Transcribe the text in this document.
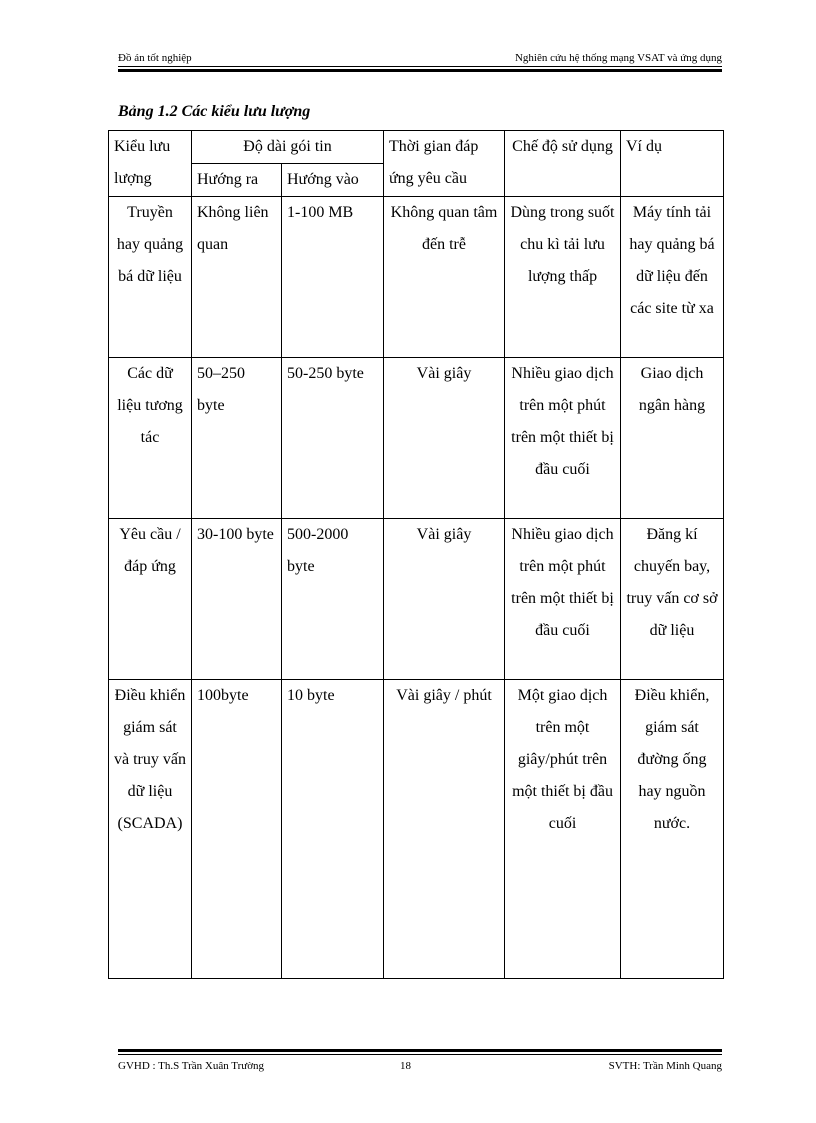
Đồ án tốt nghiệp	Nghiên cứu hệ thống mạng VSAT và ứng dụng
Bảng 1.2 Các kiểu lưu lượng
Kiểu lưu lượng	Độ dài gói tin		Thời gian đáp ứng yêu cầu	Chế độ sử dụng	Ví dụ
	Hướng ra	Hướng vào			
Truyền hay quảng bá dữ liệu	Không liên quan	1-100 MB	Không quan tâm đến trễ	Dùng trong suốt chu kì tải lưu lượng thấp	Máy tính tải hay quảng bá dữ liệu đến các site từ xa
Các dữ liệu tương tác	50–250 byte	50-250 byte	Vài giây	Nhiều giao dịch trên một phút trên một thiết bị đầu cuối	Giao dịch ngân hàng
Yêu cầu / đáp ứng	30-100 byte	500-2000 byte	Vài giây	Nhiều giao dịch trên một phút trên một thiết bị đầu cuối	Đăng kí chuyến bay, truy vấn cơ sở dữ liệu
Điều khiển giám sát và truy vấn dữ liệu (SCADA)	100byte	10 byte	Vài giây / phút	Một giao dịch trên một giây/phút trên một thiết bị đầu cuối	Điều khiển, giám sát đường ống hay nguồn nước.
GVHD : Th.S Trần Xuân Trường	18	SVTH: Trần Minh Quang
